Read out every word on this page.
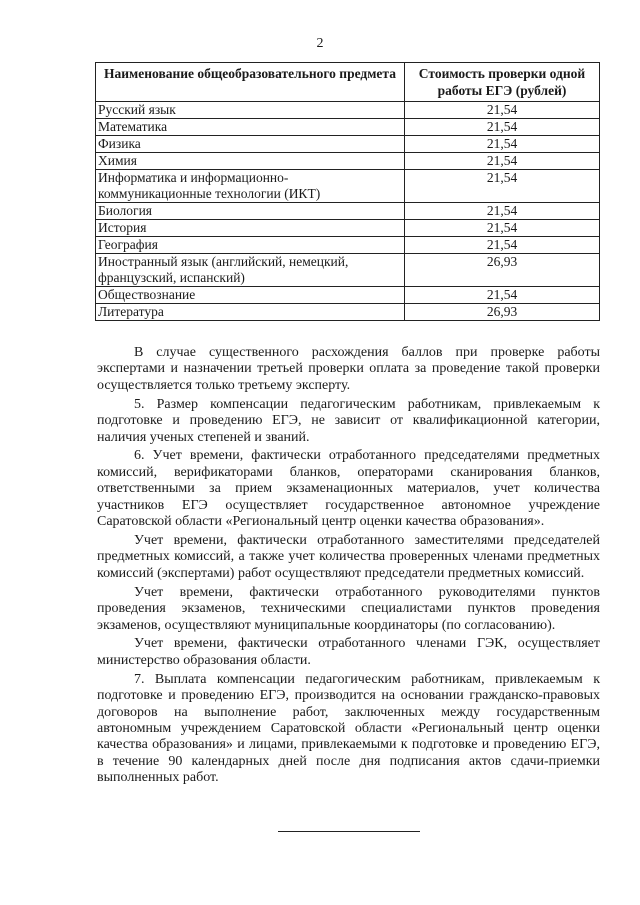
2
Наименование общеобразовательного предмета	Стоимость проверки одной работы ЕГЭ (рублей)
Русский язык	21,54
Математика	21,54
Физика	21,54
Химия	21,54
Информатика и информационно-коммуникационные технологии (ИКТ)	21,54
Биология	21,54
История	21,54
География	21,54
Иностранный язык (английский, немецкий, французский, испанский)	26,93
Обществознание	21,54
Литература	26,93

В случае существенного расхождения баллов при проверке работы экспертами и назначении третьей проверки оплата за проведение такой проверки осуществляется только третьему эксперту.

5. Размер компенсации педагогическим работникам, привлекаемым к подготовке и проведению ЕГЭ, не зависит от квалификационной категории, наличия ученых степеней и званий.

6. Учет времени, фактически отработанного председателями предметных комиссий, верификаторами бланков, операторами сканирования бланков, ответственными за прием экзаменационных материалов, учет количества участников ЕГЭ осуществляет государственное автономное учреждение Саратовской области «Региональный центр оценки качества образования».

Учет времени, фактически отработанного заместителями председателей предметных комиссий, а также учет количества проверенных членами предметных комиссий (экспертами) работ осуществляют председатели предметных комиссий.

Учет времени, фактически отработанного руководителями пунктов проведения экзаменов, техническими специалистами пунктов проведения экзаменов, осуществляют муниципальные координаторы (по согласованию).

Учет времени, фактически отработанного членами ГЭК, осуществляет министерство образования области.

7. Выплата компенсации педагогическим работникам, привлекаемым к подготовке и проведению ЕГЭ, производится на основании гражданско-правовых договоров на выполнение работ, заключенных между государственным автономным учреждением Саратовской области «Региональный центр оценки качества образования» и лицами, привлекаемыми к подготовке и проведению ЕГЭ, в течение 90 календарных дней после дня подписания актов сдачи-приемки выполненных работ.
